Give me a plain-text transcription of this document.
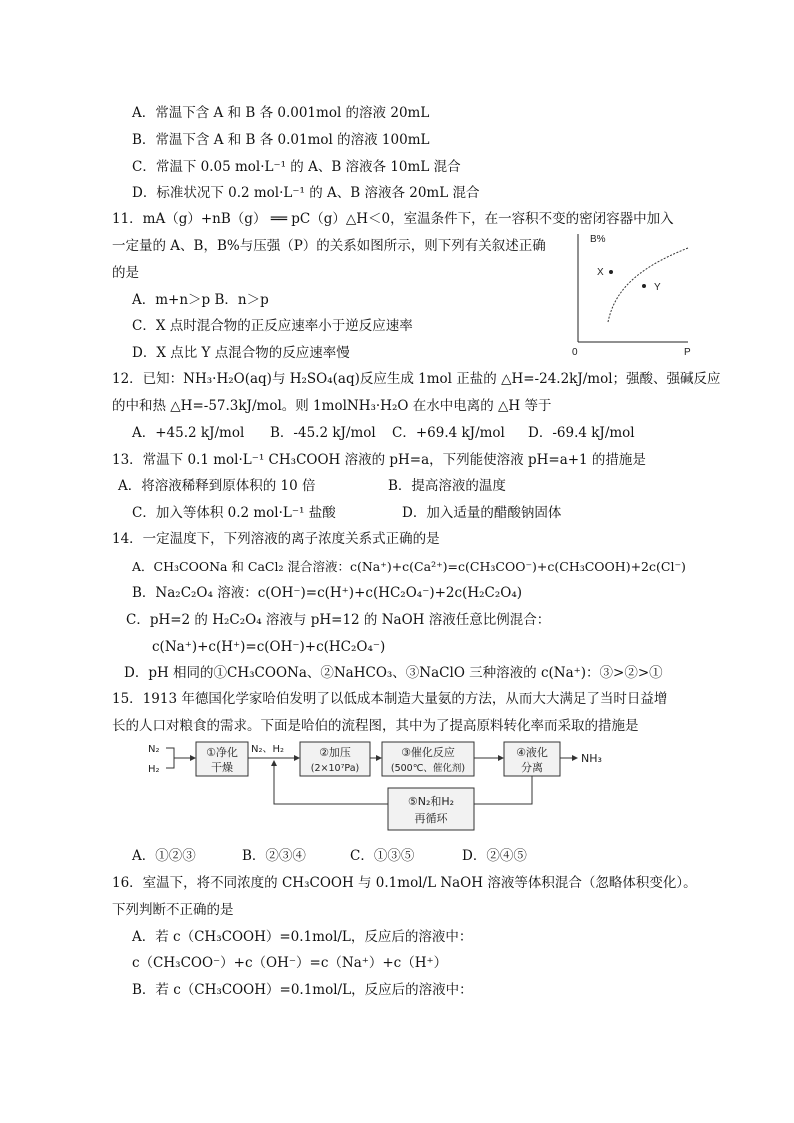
A．常温下含 A 和 B 各 0.001mol 的溶液 20mL
B．常温下含 A 和 B 各 0.01mol 的溶液 100mL
C．常温下 0.05 mol·L⁻¹ 的 A、B 溶液各 10mL 混合
D．标准状况下 0.2 mol·L⁻¹ 的 A、B 溶液各 20mL 混合
11．mA（g）+nB（g） ══ pC（g）△H＜0，室温条件下，在一容积不变的密闭容器中加入
一定量的 A、B，B%与压强（P）的关系如图所示，则下列有关叙述正确
的是
A．m+n＞p B．n＞p
C．X 点时混合物的正反应速率小于逆反应速率
D．X 点比 Y 点混合物的反应速率慢
B%
P
0
X
Y
12．已知：NH₃·H₂O(aq)与 H₂SO₄(aq)反应生成 1mol 正盐的 △H=-24.2kJ/mol；强酸、强碱反应
的中和热 △H=-57.3kJ/mol。则 1molNH₃·H₂O 在水中电离的 △H 等于
A．+45.2 kJ/mol B．-45.2 kJ/mol C．+69.4 kJ/mol D．-69.4 kJ/mol
13．常温下 0.1 mol·L⁻¹ CH₃COOH 溶液的 pH=a，下列能使溶液 pH=a+1 的措施是
A．将溶液稀释到原体积的 10 倍	B．提高溶液的温度
C．加入等体积 0.2 mol·L⁻¹ 盐酸	D．加入适量的醋酸钠固体
14．一定温度下，下列溶液的离子浓度关系式正确的是
A．CH₃COONa 和 CaCl₂ 混合溶液：c(Na⁺)+c(Ca²⁺)=c(CH₃COO⁻)+c(CH₃COOH)+2c(Cl⁻)
B．Na₂C₂O₄ 溶液：c(OH⁻)=c(H⁺)+c(HC₂O₄⁻)+2c(H₂C₂O₄)
C．pH=2 的 H₂C₂O₄ 溶液与 pH=12 的 NaOH 溶液任意比例混合：
c(Na⁺)+c(H⁺)=c(OH⁻)+c(HC₂O₄⁻)
D．pH 相同的①CH₃COONa、②NaHCO₃、③NaClO 三种溶液的 c(Na⁺)：③>②>①
15．1913 年德国化学家哈伯发明了以低成本制造大量氨的方法，从而大大满足了当时日益增
长的人口对粮食的需求。下面是哈伯的流程图，其中为了提高原料转化率而采取的措施是
N₂
H₂
①净化
干燥
N₂、H₂	②加压
(2×10⁷Pa)
③催化反应
(500℃、催化剂)
④液化
分离
NH₃
⑤N₂和H₂
再循环
A．①②③	B．②③④	C．①③⑤	D．②④⑤
16．室温下，将不同浓度的 CH₃COOH 与 0.1mol/L NaOH 溶液等体积混合（忽略体积变化）。
下列判断不正确的是
A．若 c（CH₃COOH）=0.1mol/L，反应后的溶液中：
c（CH₃COO⁻）+c（OH⁻）=c（Na⁺）+c（H⁺）
B．若 c（CH₃COOH）=0.1mol/L，反应后的溶液中：
